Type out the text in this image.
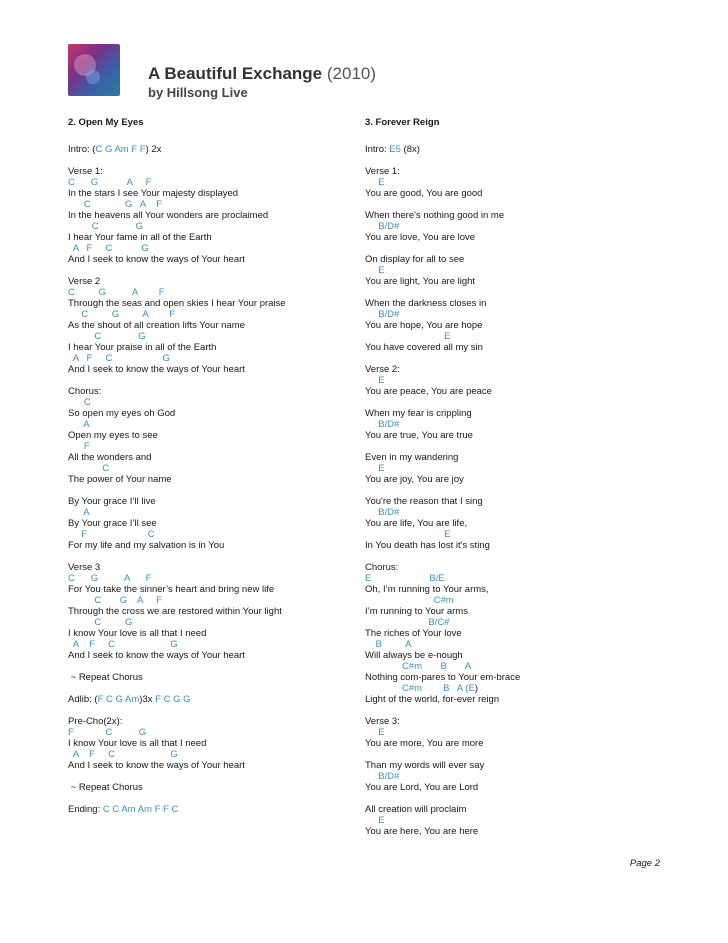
A Beautiful Exchange (2010)
by Hillsong Live
2. Open My Eyes
Intro: (C G Am F F) 2x
Verse 1:
C      G           A     F
In the stars I see Your majesty displayed
C             G   A    F
In the heavens all Your wonders are proclaimed
C              G
I hear Your fame in all of the Earth
A   F     C           G
And I seek to know the ways of Your heart
Verse 2
C         G          A        F
Through the seas and open skies I hear Your praise
C         G         A        F
As the shout of all creation lifts Your name
C              G
I hear Your praise in all of the Earth
A   F     C                   G
And I seek to know the ways of Your heart
Chorus:
C
So open my eyes oh God
A
Open my eyes to see
F
All the wonders and
C
The power of Your name
By Your grace I’ll live
A
By Your grace I’ll see
F                       C
For my life and my salvation is in You
Verse 3
C      G          A      F
For You take the sinner’s heart and bring new life
C       G    A     F
Through the cross we are restored within Your light
C         G
I know Your love is all that I need
A    F     C                     G
And I seek to know the ways of Your heart
~ Repeat Chorus
Adlib: (F C G Am)3x F C G G
Pre-Cho(2x):
F            C          G
I know Your love is all that I need
A    F     C                     G
And I seek to know the ways of Your heart
~ Repeat Chorus
Ending: C C Am Am F F C
3. Forever Reign
Intro: E5 (8x)
Verse 1:
E
You are good, You are good
When there's nothing good in me
B/D#
You are love, You are love
On display for all to see
E
You are light, You are light
When the darkness closes in
B/D#
You are hope, You are hope
E
You have covered all my sin
Verse 2:
E
You are peace, You are peace
When my fear is crippling
B/D#
You are true, You are true
Even in my wandering
E
You are joy, You are joy
You're the reason that I sing
B/D#
You are life, You are life,
E
In You death has lost it's sting
Chorus:
E                      B/E
Oh, I’m running to Your arms,
C#m
I’m running to Your arms
B/C#
The riches of Your love
B         A
Will always be e-nough
C#m       B       A
Nothing com-pares to Your em-brace
C#m        B   A (E)
Light of the world, for-ever reign
Verse 3:
E
You are more, You are more
Than my words will ever say
B/D#
You are Lord, You are Lord
All creation will proclaim
E
You are here, You are here
Page 2
